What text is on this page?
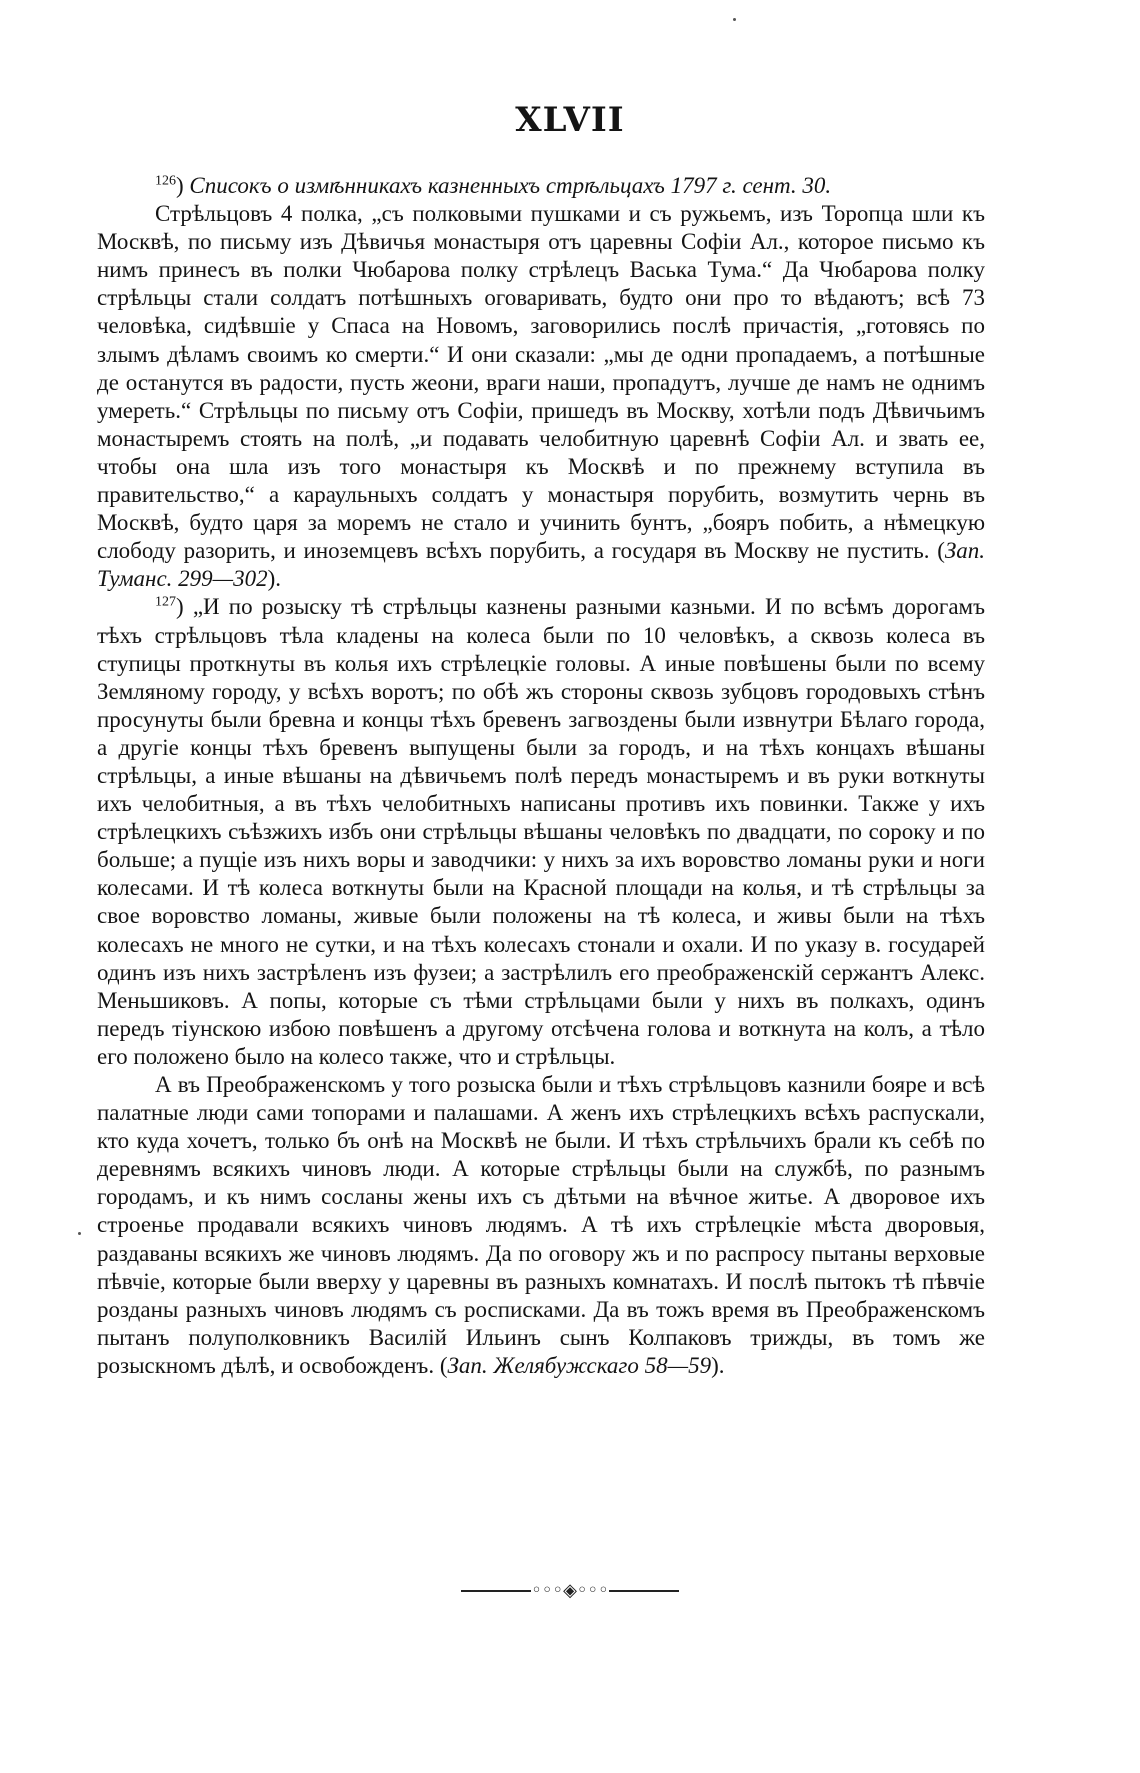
XLVII

$^{126}$) Списокъ о измѣнникахъ казненныхъ стрѣльцахъ 1797 г. сент. 30.

Стрѣльцовъ 4 полка, „съ полковыми пушками и съ ружьемъ, изъ Торопца шли къ Москвѣ, по письму изъ Дѣвичья монастыря отъ царевны Софіи Ал., которое письмо къ нимъ принесъ въ полки Чюбарова полку стрѣлецъ Васька Тума.“ Да Чюбарова полку стрѣльцы стали солдатъ потѣшныхъ оговаривать, будто они про то вѣдаютъ; всѣ 73 человѣка, сидѣвшіе у Спаса на Новомъ, заговорились послѣ причастія, „готовясь по злымъ дѣламъ своимъ ко смерти.“ И они сказали: „мы де одни пропадаемъ, а потѣшные де останутся въ радости, пусть жеони, враги наши, пропадутъ, лучше де намъ не однимъ умереть.“ Стрѣльцы по письму отъ Софіи, пришедъ въ Москву, хотѣли подъ Дѣвичьимъ монастыремъ стоять на полѣ, „и подавать челобитную царевнѣ Софіи Ал. и звать ее, чтобы она шла изъ того монастыря къ Москвѣ и по прежнему вступила въ правительство,“ а караульныхъ солдатъ у монастыря порубить, возмутить чернь въ Москвѣ, будто царя за моремъ не стало и учинить бунтъ, „бояръ побить, а нѣмецкую слободу разорить, и иноземцевъ всѣхъ порубить, а государя въ Москву не пустить. (Зап. Туманс. 299—302).

$^{127}$) „И по розыску тѣ стрѣльцы казнены разными казньми. И по всѣмъ дорогамъ тѣхъ стрѣльцовъ тѣла кладены на колеса были по 10 человѣкъ, а сквозь колеса въ ступицы проткнуты въ колья ихъ стрѣлецкіе головы. А иные повѣшены были по всему Земляному городу, у всѣхъ воротъ; по обѣ жъ стороны сквозь зубцовъ городовыхъ стѣнъ просунуты были бревна и концы тѣхъ бревенъ загвоздены были извнутри Бѣлаго города, а другіе концы тѣхъ бревенъ выпущены были за городъ, и на тѣхъ концахъ вѣшаны стрѣльцы, а иные вѣшаны на дѣвичьемъ полѣ передъ монастыремъ и въ руки воткнуты ихъ челобитныя, а въ тѣхъ челобитныхъ написаны противъ ихъ повинки. Также у ихъ стрѣлецкихъ съѣзжихъ избъ они стрѣльцы вѣшаны человѣкъ по двадцати, по сороку и по больше; а пущіе изъ нихъ воры и заводчики: у нихъ за ихъ воровство ломаны руки и ноги колесами. И тѣ колеса воткнуты были на Красной площади на колья, и тѣ стрѣльцы за свое воровство ломаны, живые были положены на тѣ колеса, и живы были на тѣхъ колесахъ не много не сутки, и на тѣхъ колесахъ стонали и охали. И по указу в. государей одинъ изъ нихъ застрѣленъ изъ фузеи; а застрѣлилъ его преображенскій сержантъ Алекс. Меньшиковъ. А попы, которые съ тѣми стрѣльцами были у нихъ въ полкахъ, одинъ передъ тіунскою избою повѣшенъ а другому отсѣчена голова и воткнута на колъ, а тѣло его положено было на колесо также, что и стрѣльцы.

А въ Преображенскомъ у того розыска были и тѣхъ стрѣльцовъ казнили бояре и всѣ палатные люди сами топорами и палашами. А женъ ихъ стрѣлецкихъ всѣхъ распускали, кто куда хочетъ, только бъ онѣ на Москвѣ не были. И тѣхъ стрѣльчихъ брали къ себѣ по деревнямъ всякихъ чиновъ люди. А которые стрѣльцы были на службѣ, по разнымъ городамъ, и къ нимъ сосланы жены ихъ съ дѣтьми на вѣчное житье. А дворовое ихъ строенье продавали всякихъ чиновъ людямъ. А тѣ ихъ стрѣлецкіе мѣста дворовыя, раздаваны всякихъ же чиновъ людямъ. Да по оговору жъ и по распросу пытаны верховые пѣвчіе, которые были вверху у царевны въ разныхъ комнатахъ. И послѣ пытокъ тѣ пѣвчіе розданы разныхъ чиновъ людямъ съ росписками. Да въ тожъ время въ Преображенскомъ пытанъ полуполковникъ Василій Ильинъ сынъ Колпаковъ трижды, въ томъ же розыскномъ дѣлѣ, и освобожденъ. (Зап. Желябужскаго 58—59).

◦◦◦◈◦◦◦
